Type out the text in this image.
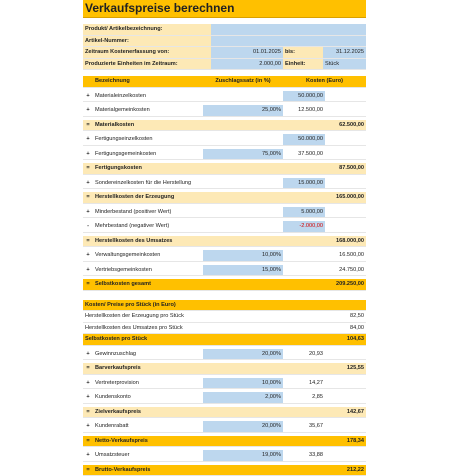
Verkaufspreise berechnen
Produkt/ Artikelbezeichnung:
Artikel-Nummer:
Zeitraum Kostenerfassung von:	01.01.2025 bis:	31.12.2025
Produzierte Einheiten im Zeitraum:	2.000,00 Einheit:	Stück
Bezeichnung	Zuschlagssatz (in %)	Kosten (Euro)
+ Materialeinzelkosten	50.000,00
+ Materialgemeinkosten	25,00%	12.500,00
= Materialkosten	62.500,00
+ Fertigungseinzelkosten	50.000,00
+ Fertigungsgemeinkosten	75,00%	37.500,00
= Fertigungskosten	87.500,00
+ Sondereinzelkosten für die Herstellung	15.000,00
= Herstellkosten der Erzeugung	165.000,00
+ Minderbestand (positiver Wert)	5.000,00
-	Mehrbestand (negativer Wert)	-2.000,00
= Herstellkosten des Umsatzes	168.000,00
+ Verwaltungsgemeinkosten	10,00%	16.500,00
+ Vertriebsgemeinkosten	15,00%	24.750,00
= Selbstkosten gesamt	209.250,00
Kosten/ Preise pro Stück (in Euro)
Herstellkosten der Erzeugung pro Stück	82,50
Herstellkosten des Umsatzes pro Stück	84,00
Selbstkosten pro Stück	104,63
+ Gewinnzuschlag	20,00%	20,93
= Barverkaufspreis	125,55
+ Vertreterprovision	10,00%	14,27
+ Kundenskonto	2,00%	2,85
= Zielverkaufspreis	142,67
+ Kundenrabatt	20,00%	35,67
= Netto-Verkaufspreis	178,34
+ Umsatzsteuer	19,00%	33,88
= Brutto-Verkaufspreis	212,22
